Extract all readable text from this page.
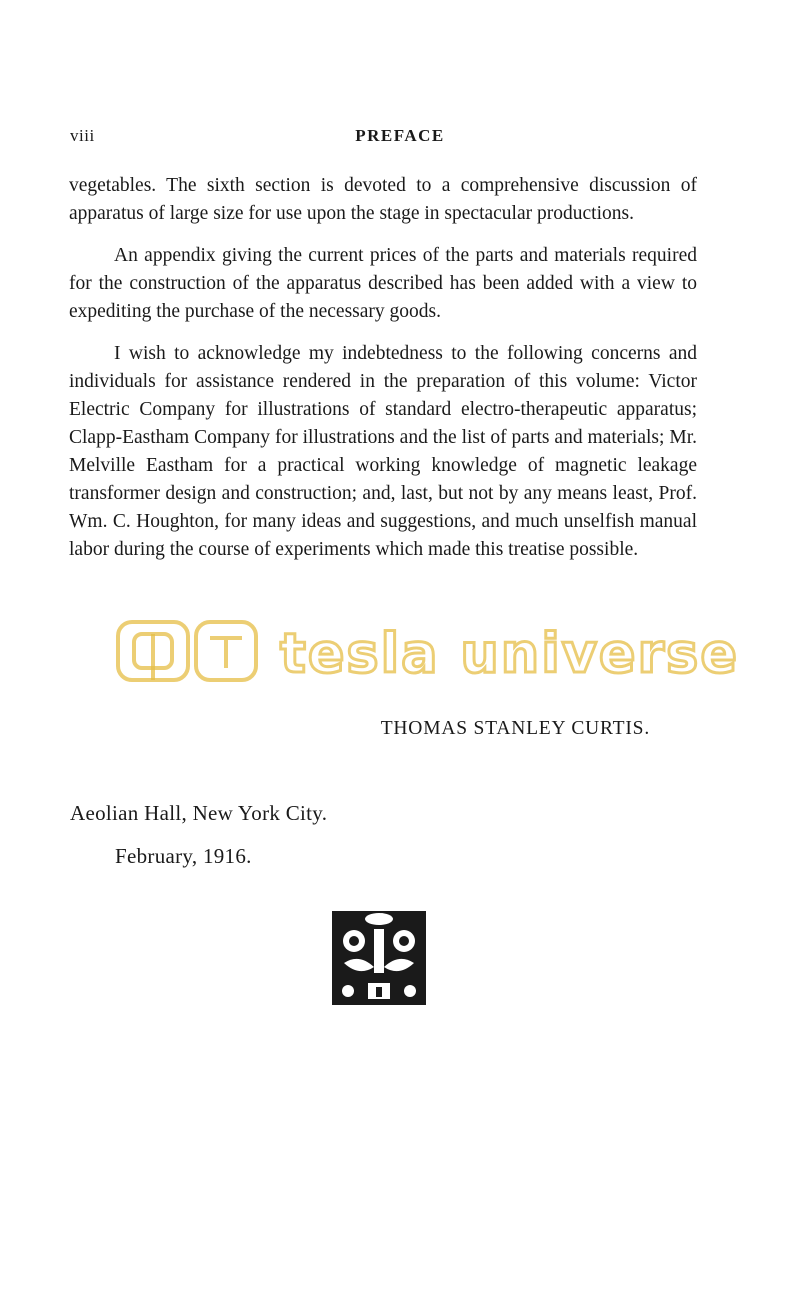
viii	PREFACE

vegetables. The sixth section is devoted to a comprehensive discussion of apparatus of large size for use upon the stage in spectacular productions.

An appendix giving the current prices of the parts and materials required for the construction of the apparatus described has been added with a view to expediting the purchase of the necessary goods.

I wish to acknowledge my indebtedness to the following concerns and individuals for assistance rendered in the preparation of this volume: Victor Electric Company for illustrations of standard electro-therapeutic apparatus; Clapp-Eastham Company for illustrations and the list of parts and materials; Mr. Melville Eastham for a practical working knowledge of magnetic leakage transformer design and construction; and, last, but not by any means least, Prof. Wm. C. Houghton, for many ideas and suggestions, and much unselfish manual labor during the course of experiments which made this treatise possible.

THOMAS STANLEY CURTIS.
Aeolian Hall, New York City.
February, 1916.
tesla universe
